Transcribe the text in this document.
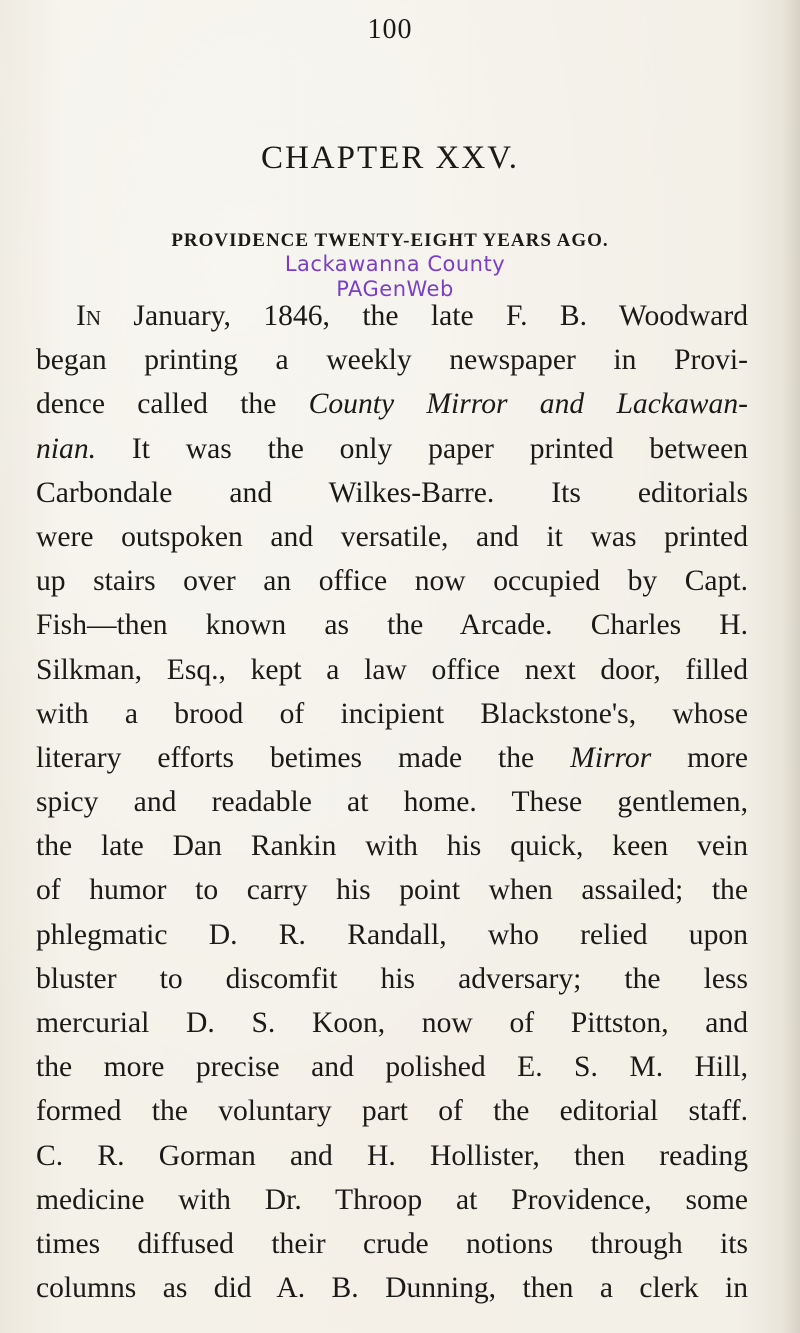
100
CHAPTER XXV.
PROVIDENCE TWENTY-EIGHT YEARS AGO.
Lackawanna County
PAGenWeb
In January, 1846, the late F. B. Woodward
began printing a weekly newspaper in Provi-
dence called the County Mirror and Lackawan-
nian. It was the only paper printed between
Carbondale and Wilkes-Barre. Its editorials
were outspoken and versatile, and it was printed
up stairs over an office now occupied by Capt.
Fish—then known as the Arcade. Charles H.
Silkman, Esq., kept a law office next door, filled
with a brood of incipient Blackstone's, whose
literary efforts betimes made the Mirror more
spicy and readable at home. These gentlemen,
the late Dan Rankin with his quick, keen vein
of humor to carry his point when assailed; the
phlegmatic D. R. Randall, who relied upon
bluster to discomfit his adversary; the less
mercurial D. S. Koon, now of Pittston, and
the more precise and polished E. S. M. Hill,
formed the voluntary part of the editorial staff.
C. R. Gorman and H. Hollister, then reading
medicine with Dr. Throop at Providence, some
times diffused their crude notions through its
columns as did A. B. Dunning, then a clerk in
